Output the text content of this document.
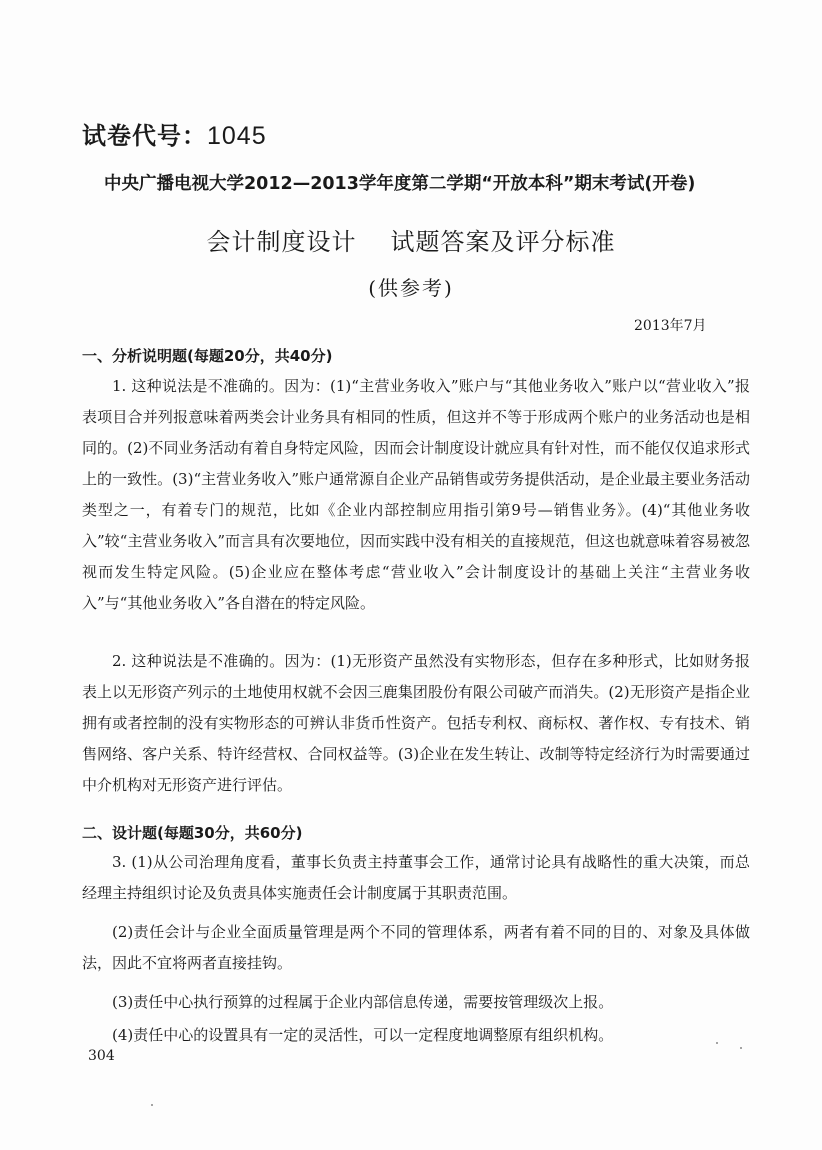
试卷代号：1045
中央广播电视大学2012—2013学年度第二学期“开放本科”期末考试(开卷)
会计制度设计 试题答案及评分标准
(供参考)
2013年7月
一、分析说明题(每题20分，共40分)
1. 这种说法是不准确的。因为：(1)“主营业务收入”账户与“其他业务收入”账户以“营业收入”报表项目合并列报意味着两类会计业务具有相同的性质，但这并不等于形成两个账户的业务活动也是相同的。(2)不同业务活动有着自身特定风险，因而会计制度设计就应具有针对性，而不能仅仅追求形式上的一致性。(3)“主营业务收入”账户通常源自企业产品销售或劳务提供活动，是企业最主要业务活动类型之一，有着专门的规范，比如《企业内部控制应用指引第9号—销售业务》。(4)“其他业务收入”较“主营业务收入”而言具有次要地位，因而实践中没有相关的直接规范，但这也就意味着容易被忽视而发生特定风险。(5)企业应在整体考虑“营业收入”会计制度设计的基础上关注“主营业务收入”与“其他业务收入”各自潜在的特定风险。
2. 这种说法是不准确的。因为：(1)无形资产虽然没有实物形态，但存在多种形式，比如财务报表上以无形资产列示的土地使用权就不会因三鹿集团股份有限公司破产而消失。(2)无形资产是指企业拥有或者控制的没有实物形态的可辨认非货币性资产。包括专利权、商标权、著作权、专有技术、销售网络、客户关系、特许经营权、合同权益等。(3)企业在发生转让、改制等特定经济行为时需要通过中介机构对无形资产进行评估。
二、设计题(每题30分，共60分)
3. (1)从公司治理角度看，董事长负责主持董事会工作，通常讨论具有战略性的重大决策，而总经理主持组织讨论及负责具体实施责任会计制度属于其职责范围。
(2)责任会计与企业全面质量管理是两个不同的管理体系，两者有着不同的目的、对象及具体做法，因此不宜将两者直接挂钩。
(3)责任中心执行预算的过程属于企业内部信息传递，需要按管理级次上报。
(4)责任中心的设置具有一定的灵活性，可以一定程度地调整原有组织机构。
304
